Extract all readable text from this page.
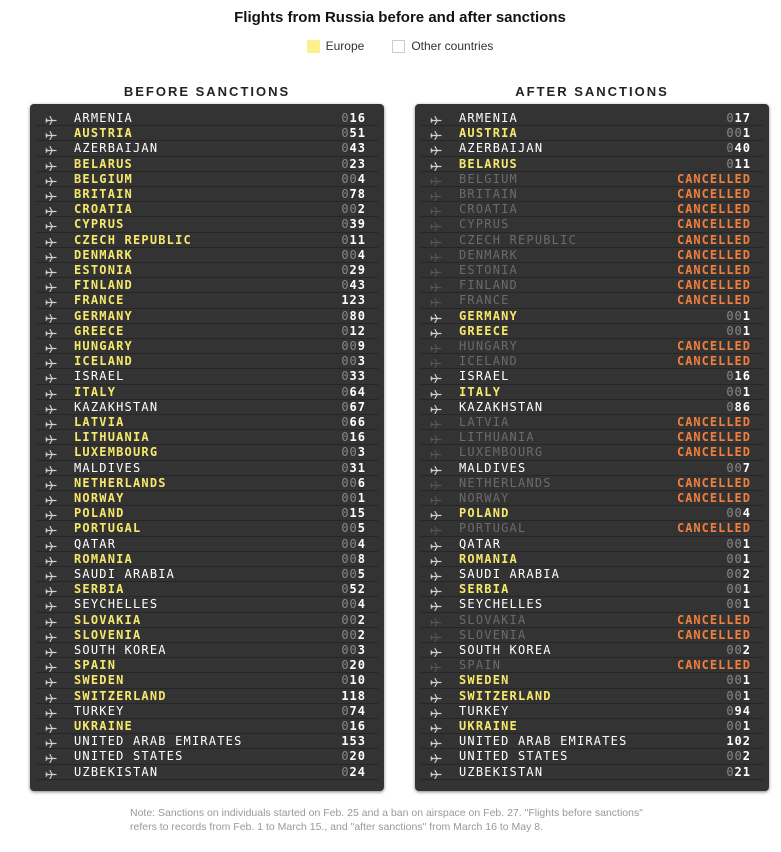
Flights from Russia before and after sanctions
Europe	Other countries
BEFORE SANCTIONS
ARMENIA	016
AUSTRIA	051
AZERBAIJAN	043
BELARUS	023
BELGIUM	004
BRITAIN	078
CROATIA	002
CYPRUS	039
CZECH REPUBLIC	011
DENMARK	004
ESTONIA	029
FINLAND	043
FRANCE	123
GERMANY	080
GREECE	012
HUNGARY	009
ICELAND	003
ISRAEL	033
ITALY	064
KAZAKHSTAN	067
LATVIA	066
LITHUANIA	016
LUXEMBOURG	003
MALDIVES	031
NETHERLANDS	006
NORWAY	001
POLAND	015
PORTUGAL	005
QATAR	004
ROMANIA	008
SAUDI ARABIA	005
SERBIA	052
SEYCHELLES	004
SLOVAKIA	002
SLOVENIA	002
SOUTH KOREA	003
SPAIN	020
SWEDEN	010
SWITZERLAND	118
TURKEY	074
UKRAINE	016
UNITED ARAB EMIRATES	153
UNITED STATES	020
UZBEKISTAN	024
AFTER SANCTIONS
ARMENIA	017
AUSTRIA	001
AZERBAIJAN	040
BELARUS	011
BELGIUM	CANCELLED
BRITAIN	CANCELLED
CROATIA	CANCELLED
CYPRUS	CANCELLED
CZECH REPUBLIC	CANCELLED
DENMARK	CANCELLED
ESTONIA	CANCELLED
FINLAND	CANCELLED
FRANCE	CANCELLED
GERMANY	001
GREECE	001
HUNGARY	CANCELLED
ICELAND	CANCELLED
ISRAEL	016
ITALY	001
KAZAKHSTAN	086
LATVIA	CANCELLED
LITHUANIA	CANCELLED
LUXEMBOURG	CANCELLED
MALDIVES	007
NETHERLANDS	CANCELLED
NORWAY	CANCELLED
POLAND	004
PORTUGAL	CANCELLED
QATAR	001
ROMANIA	001
SAUDI ARABIA	002
SERBIA	001
SEYCHELLES	001
SLOVAKIA	CANCELLED
SLOVENIA	CANCELLED
SOUTH KOREA	002
SPAIN	CANCELLED
SWEDEN	001
SWITZERLAND	001
TURKEY	094
UKRAINE	001
UNITED ARAB EMIRATES	102
UNITED STATES	002
UZBEKISTAN	021
Note: Sanctions on individuals started on Feb. 25 and a ban on airspace on Feb. 27. "Flights before sanctions" refers to records from Feb. 1 to March 15., and "after sanctions" from March 16 to May 8.
